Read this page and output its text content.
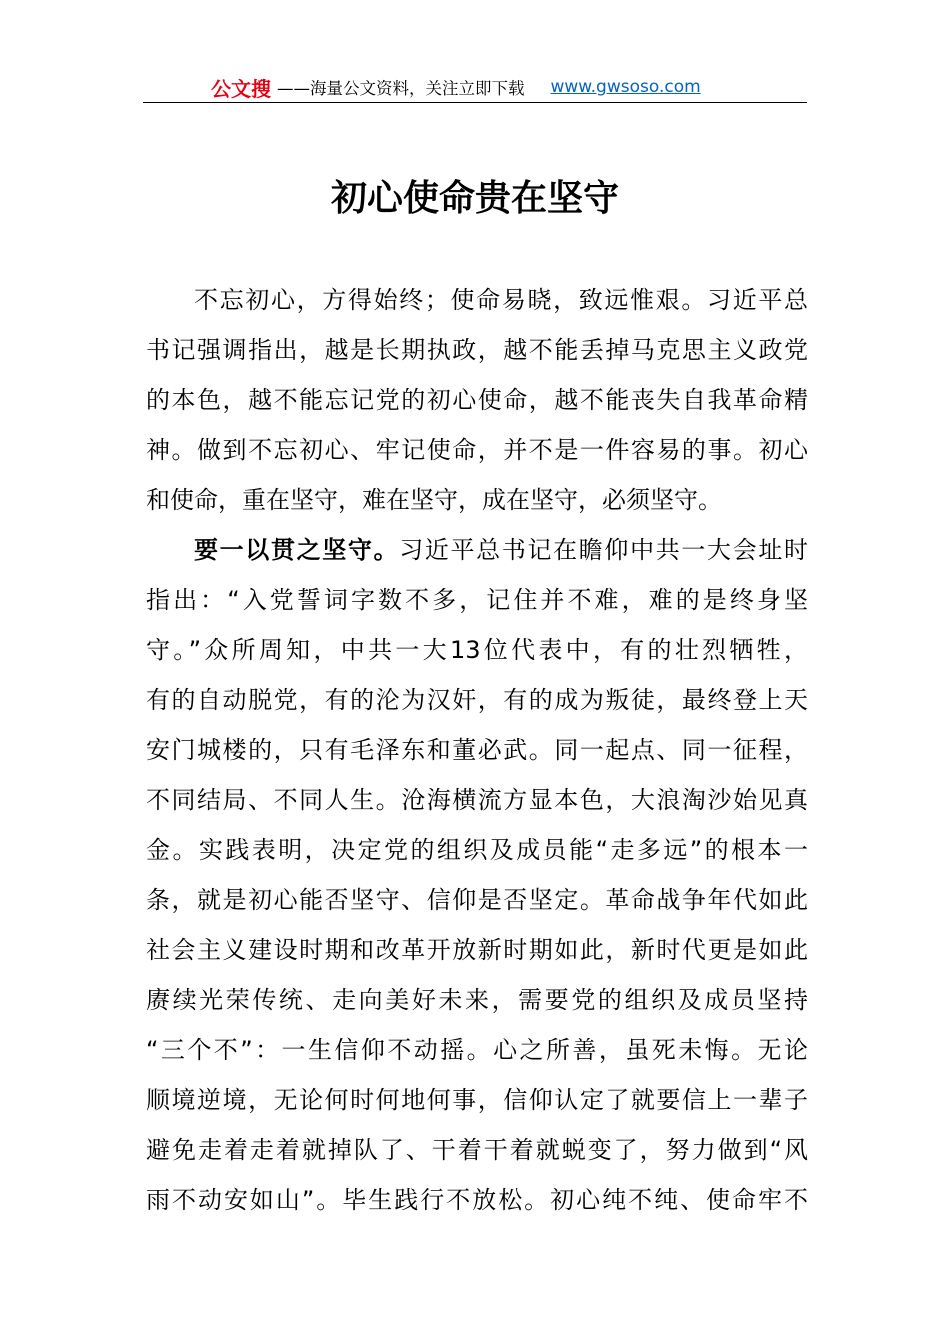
公文搜 ——海量公文资料，关注立即下载 www.gwsoso.com
初心使命贵在坚守
不忘初心，方得始终；使命易晓，致远惟艰。习近平总
书记强调指出，越是长期执政，越不能丢掉马克思主义政党
的本色，越不能忘记党的初心使命，越不能丧失自我革命精
神。做到不忘初心、牢记使命，并不是一件容易的事。初心
和使命，重在坚守，难在坚守，成在坚守，必须坚守。
要一以贯之坚守。习近平总书记在瞻仰中共一大会址时
指出：“入党誓词字数不多，记住并不难，难的是终身坚
守。”众所周知，中共一大13位代表中，有的壮烈牺牲，
有的自动脱党，有的沦为汉奸，有的成为叛徒，最终登上天
安门城楼的，只有毛泽东和董必武。同一起点、同一征程，
不同结局、不同人生。沧海横流方显本色，大浪淘沙始见真
金。实践表明，决定党的组织及成员能“走多远”的根本一
条，就是初心能否坚守、信仰是否坚定。革命战争年代如此
社会主义建设时期和改革开放新时期如此，新时代更是如此
赓续光荣传统、走向美好未来，需要党的组织及成员坚持
“三个不”：一生信仰不动摇。心之所善，虽死未悔。无论
顺境逆境，无论何时何地何事，信仰认定了就要信上一辈子
避免走着走着就掉队了、干着干着就蜕变了，努力做到“风
雨不动安如山”。毕生践行不放松。初心纯不纯、使命牢不
